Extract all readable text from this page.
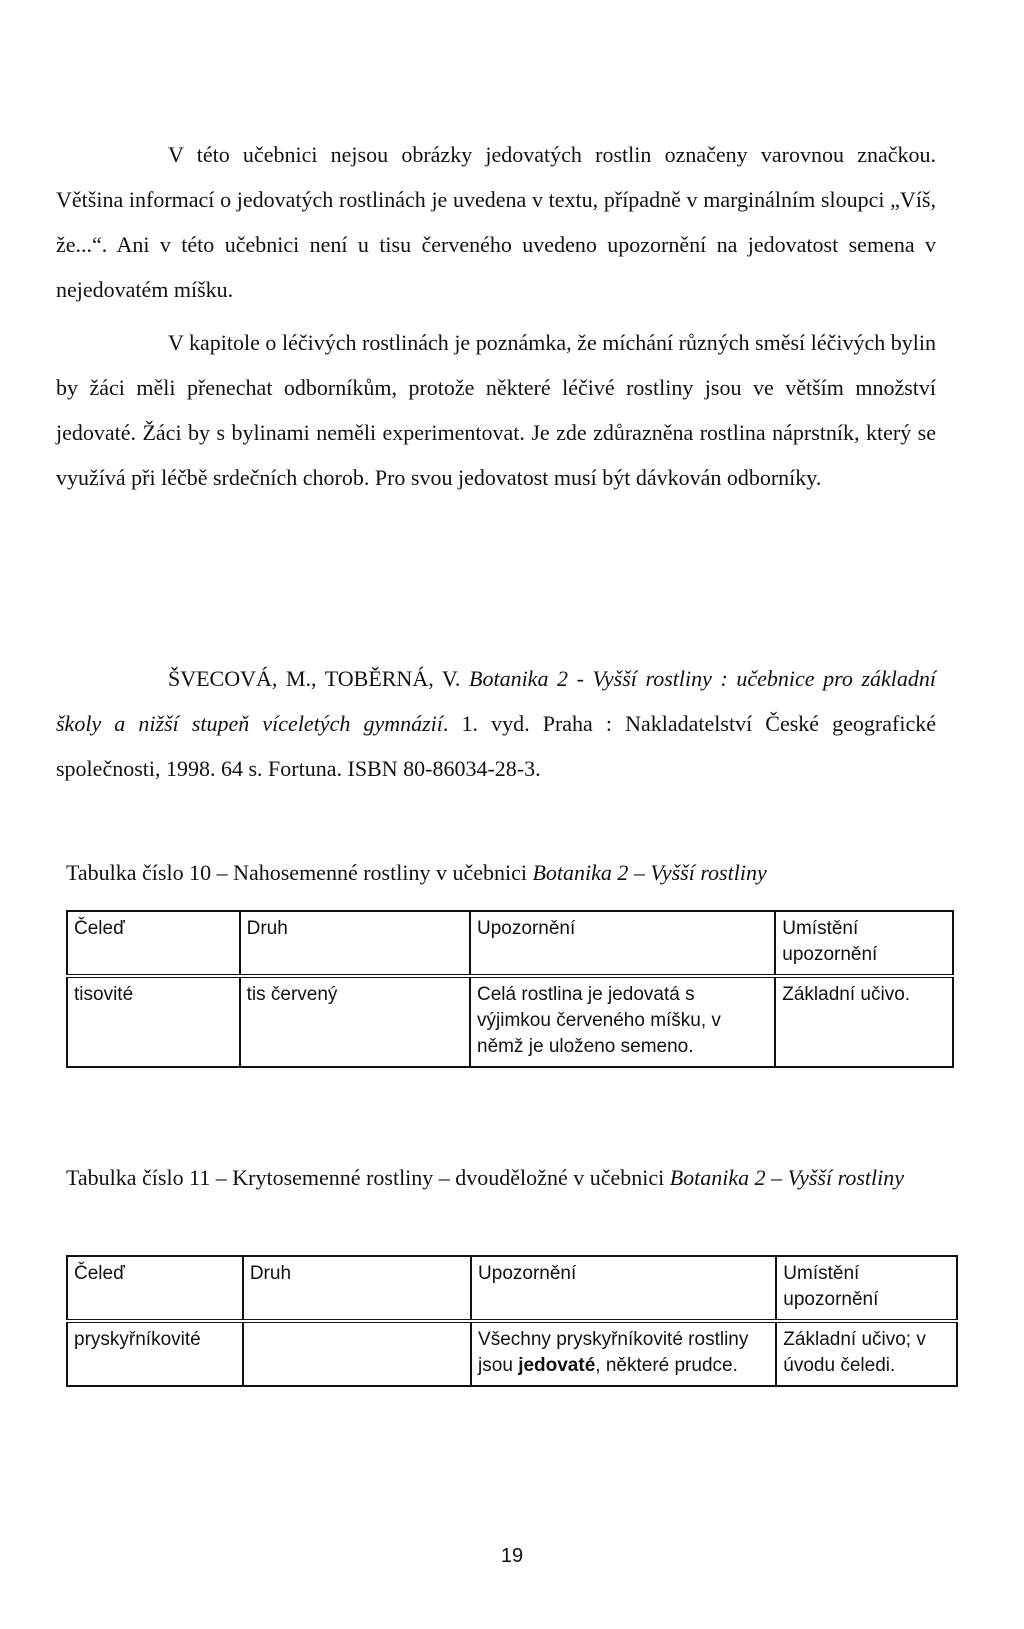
V této učebnici nejsou obrázky jedovatých rostlin označeny varovnou značkou. Většina informací o jedovatých rostlinách je uvedena v textu, případně v marginálním sloupci „Víš, že...“. Ani v této učebnici není u tisu červeného uvedeno upozornění na jedovatost semena v nejedovatém míšku.

V kapitole o léčivých rostlinách je poznámka, že míchání různých směsí léčivých bylin by žáci měli přenechat odborníkům, protože některé léčivé rostliny jsou ve větším množství jedovaté. Žáci by s bylinami neměli experimentovat. Je zde zdůrazněna rostlina náprstník, který se využívá při léčbě srdečních chorob. Pro svou jedovatost musí být dávkován odborníky.

ŠVECOVÁ, M., TOBĚRNÁ, V. Botanika 2 - Vyšší rostliny : učebnice pro základní školy a nižší stupeň víceletých gymnázií. 1. vyd. Praha : Nakladatelství České geografické společnosti, 1998. 64 s. Fortuna. ISBN 80-86034-28-3.

Tabulka číslo 10 – Nahosemenné rostliny v učebnici Botanika 2 – Vyšší rostliny

Čeleď	Druh	Upozornění	Umístění upozornění
tisovité	tis červený	Celá rostlina je jedovatá s výjimkou červeného míšku, v němž je uloženo semeno.	Základní učivo.

Tabulka číslo 11 – Krytosemenné rostliny – dvouděložné v učebnici Botanika 2 – Vyšší rostliny

Čeleď	Druh	Upozornění	Umístění upozornění
pryskyřníkovité		Všechny pryskyřníkovité rostliny jsou jedovaté, některé prudce.	Základní učivo; v úvodu čeledi.
19
